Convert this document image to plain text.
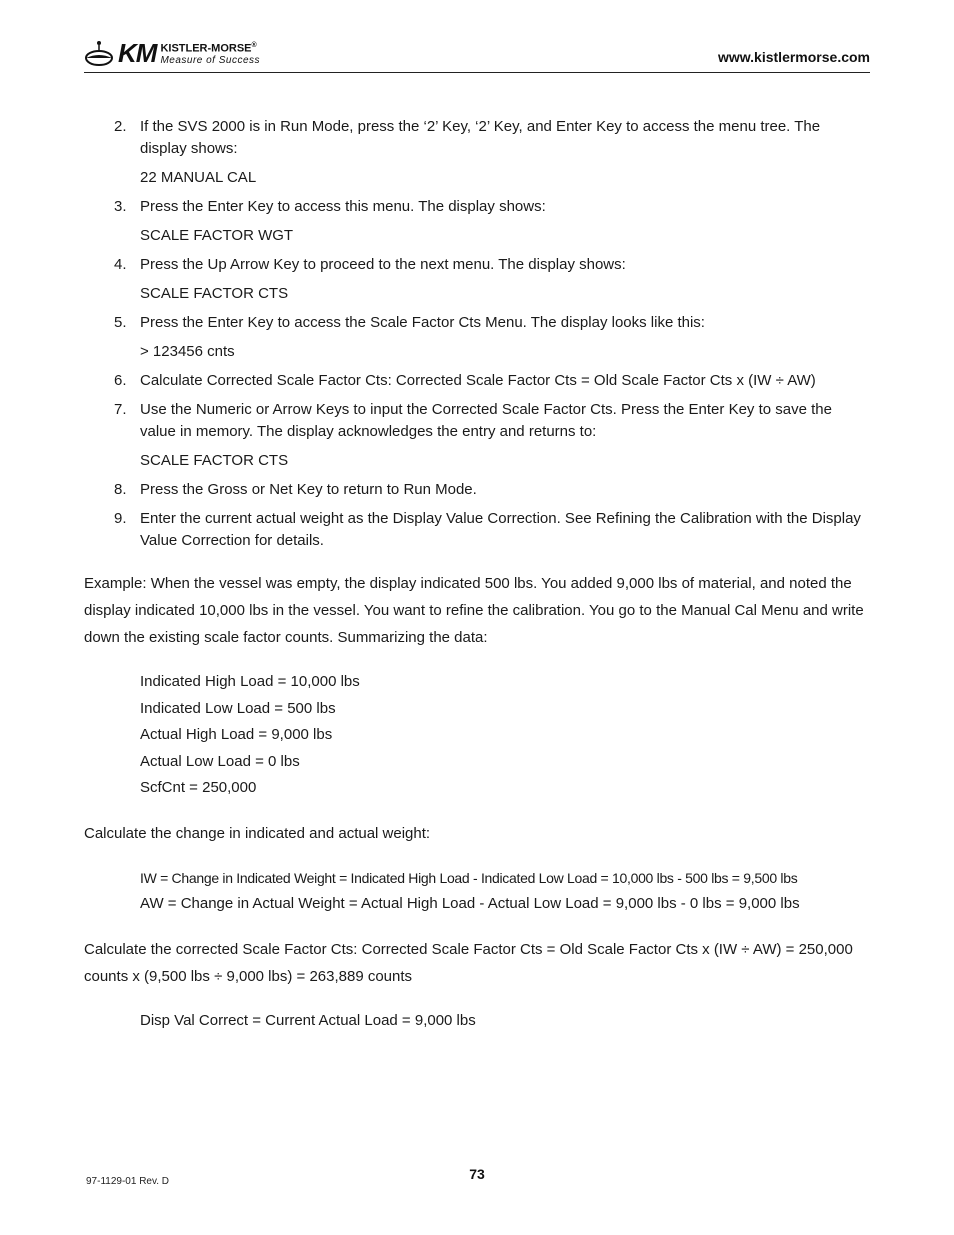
KM KISTLER-MORSE®
Measure of Success	www.kistlermorse.com
2. If the SVS 2000 is in Run Mode, press the ‘2’ Key, ‘2’ Key, and Enter Key to access the menu tree. The display shows:
22 MANUAL CAL
3. Press the Enter Key to access this menu. The display shows:
SCALE FACTOR WGT
4. Press the Up Arrow Key to proceed to the next menu. The display shows:
SCALE FACTOR CTS
5. Press the Enter Key to access the Scale Factor Cts Menu. The display looks like this:
> 123456 cnts
6. Calculate Corrected Scale Factor Cts: Corrected Scale Factor Cts = Old Scale Factor Cts x (IW ÷ AW)
7. Use the Numeric or Arrow Keys to input the Corrected Scale Factor Cts. Press the Enter Key to save the value in memory. The display acknowledges the entry and returns to:
SCALE FACTOR CTS
8. Press the Gross or Net Key to return to Run Mode.
9. Enter the current actual weight as the Display Value Correction. See Refining the Calibration with the Display Value Correction for details.

Example: When the vessel was empty, the display indicated 500 lbs. You added 9,000 lbs of material, and noted the display indicated 10,000 lbs in the vessel. You want to refine the calibration. You go to the Manual Cal Menu and write down the existing scale factor counts. Summarizing the data:

Indicated High Load = 10,000 lbs
Indicated Low Load = 500 lbs
Actual High Load = 9,000 lbs
Actual Low Load = 0 lbs
ScfCnt = 250,000

Calculate the change in indicated and actual weight:

IW = Change in Indicated Weight = Indicated High Load - Indicated Low Load = 10,000 lbs - 500 lbs = 9,500 lbs
AW = Change in Actual Weight = Actual High Load - Actual Low Load = 9,000 lbs - 0 lbs = 9,000 lbs

Calculate the corrected Scale Factor Cts: Corrected Scale Factor Cts = Old Scale Factor Cts x (IW ÷ AW) = 250,000 counts x (9,500 lbs ÷ 9,000 lbs) = 263,889 counts

Disp Val Correct = Current Actual Load = 9,000 lbs
73
97-1129-01 Rev. D
